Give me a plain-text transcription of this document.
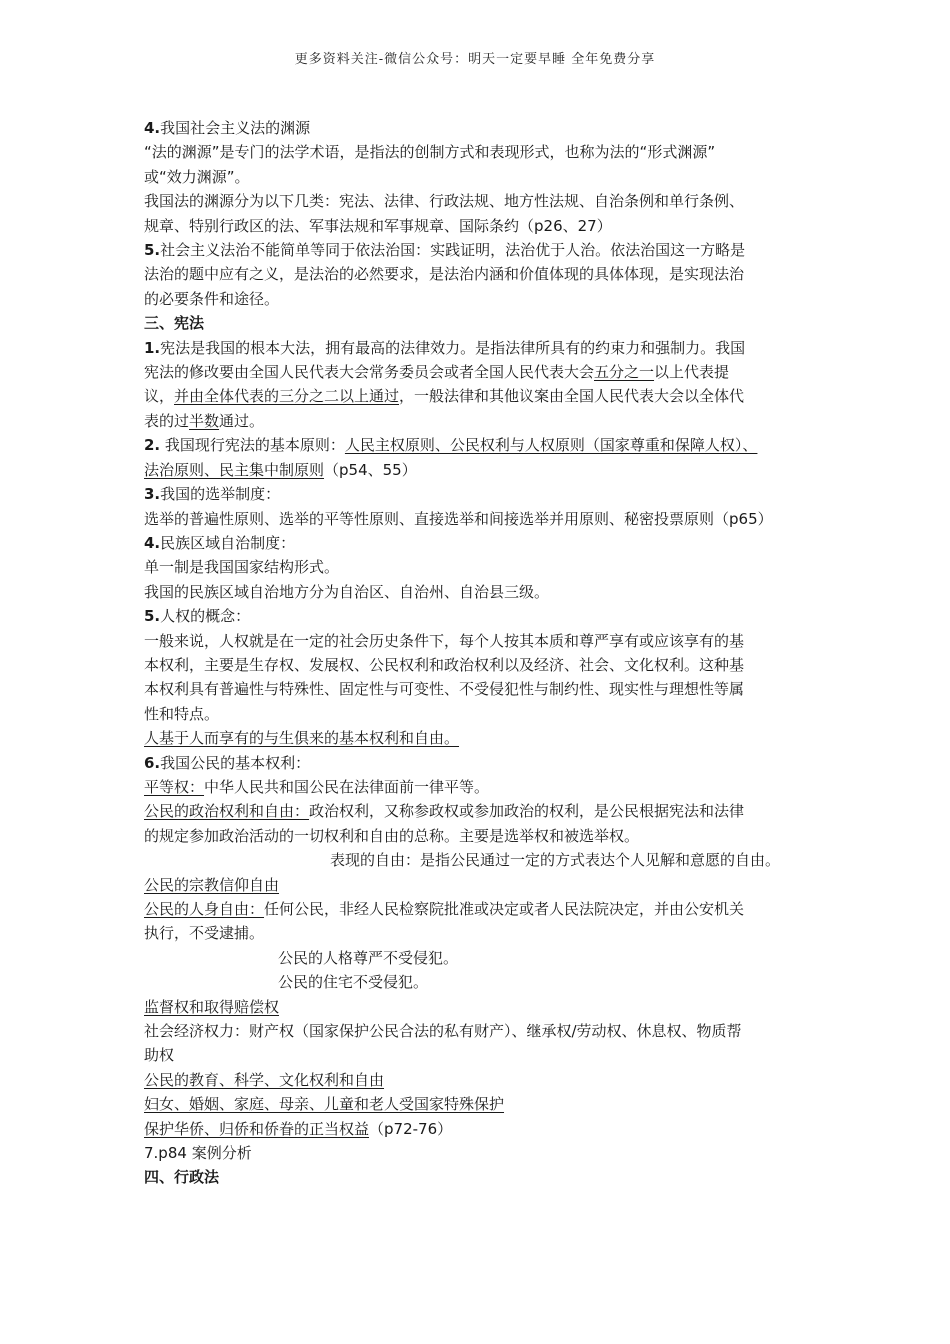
更多资料关注-微信公众号：明天一定要早睡 全年免费分享
4.我国社会主义法的渊源
“法的渊源”是专门的法学术语，是指法的创制方式和表现形式，也称为法的“形式渊源”
或“效力渊源”。
我国法的渊源分为以下几类：宪法、法律、行政法规、地方性法规、自治条例和单行条例、
规章、特别行政区的法、军事法规和军事规章、国际条约（p26、27）
5.社会主义法治不能简单等同于依法治国：实践证明，法治优于人治。依法治国这一方略是
法治的题中应有之义，是法治的必然要求，是法治内涵和价值体现的具体体现，是实现法治
的必要条件和途径。
三、宪法
1.宪法是我国的根本大法，拥有最高的法律效力。是指法律所具有的约束力和强制力。我国
宪法的修改要由全国人民代表大会常务委员会或者全国人民代表大会五分之一以上代表提
议，并由全体代表的三分之二以上通过，一般法律和其他议案由全国人民代表大会以全体代
表的过半数通过。
2. 我国现行宪法的基本原则：人民主权原则、公民权利与人权原则（国家尊重和保障人权）、
法治原则、民主集中制原则（p54、55）
3.我国的选举制度：
选举的普遍性原则、选举的平等性原则、直接选举和间接选举并用原则、秘密投票原则（p65）
4.民族区域自治制度：
单一制是我国国家结构形式。
我国的民族区域自治地方分为自治区、自治州、自治县三级。
5.人权的概念：
一般来说，人权就是在一定的社会历史条件下，每个人按其本质和尊严享有或应该享有的基
本权利，主要是生存权、发展权、公民权利和政治权利以及经济、社会、文化权利。这种基
本权利具有普遍性与特殊性、固定性与可变性、不受侵犯性与制约性、现实性与理想性等属
性和特点。
人基于人而享有的与生俱来的基本权利和自由。
6.我国公民的基本权利：
平等权：中华人民共和国公民在法律面前一律平等。
公民的政治权利和自由：政治权利，又称参政权或参加政治的权利，是公民根据宪法和法律
的规定参加政治活动的一切权利和自由的总称。主要是选举权和被选举权。
表现的自由：是指公民通过一定的方式表达个人见解和意愿的自由。
公民的宗教信仰自由
公民的人身自由：任何公民，非经人民检察院批准或决定或者人民法院决定，并由公安机关
执行，不受逮捕。
公民的人格尊严不受侵犯。
公民的住宅不受侵犯。
监督权和取得赔偿权
社会经济权力：财产权（国家保护公民合法的私有财产）、继承权/劳动权、休息权、物质帮
助权
公民的教育、科学、文化权利和自由
妇女、婚姻、家庭、母亲、儿童和老人受国家特殊保护
保护华侨、归侨和侨眷的正当权益（p72-76）
7.p84 案例分析
四、行政法
